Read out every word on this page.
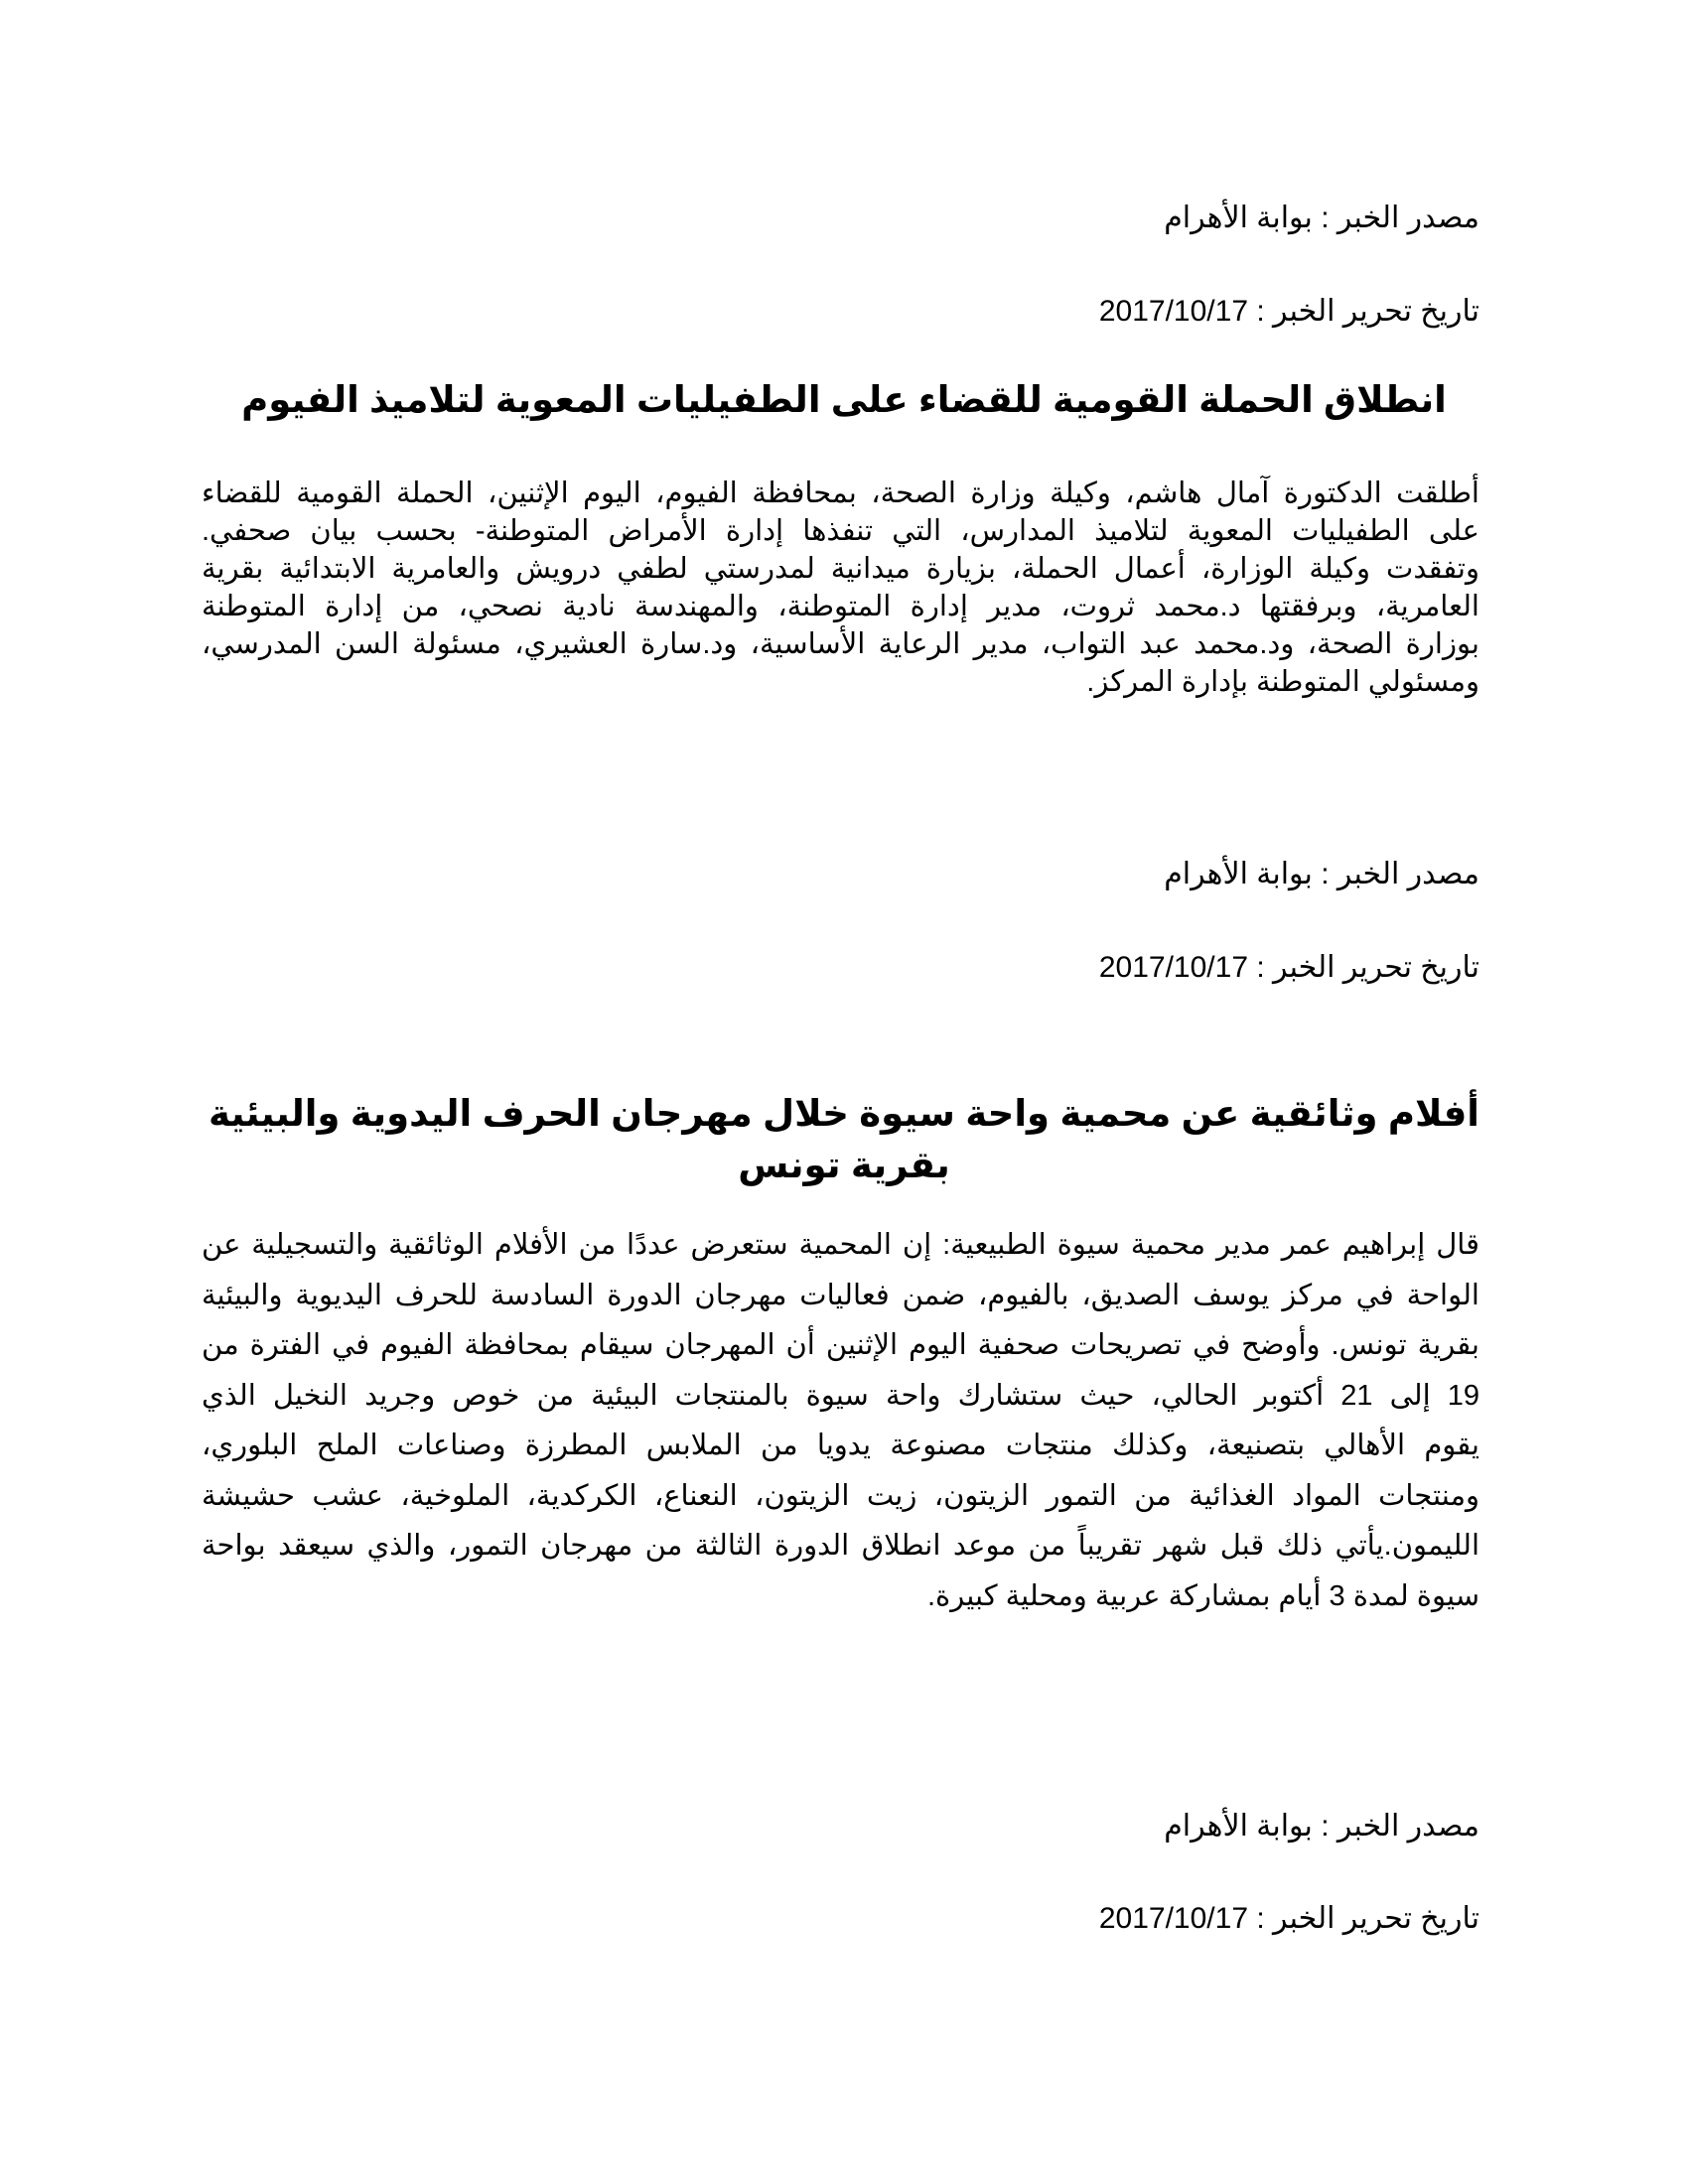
مصدر الخبر : بوابة الأهرام
تاريخ تحرير الخبر : 2017/10/17
انطلاق الحملة القومية للقضاء على الطفيليات المعوية لتلاميذ الفيوم
أطلقت الدكتورة آمال هاشم، وكيلة وزارة الصحة، بمحافظة الفيوم، اليوم الإثنين، الحملة القومية للقضاء
على الطفيليات المعوية لتلاميذ المدارس، التي تنفذها إدارة الأمراض المتوطنة- بحسب بيان صحفي.
وتفقدت وكيلة الوزارة، أعمال الحملة، بزيارة ميدانية لمدرستي لطفي درويش والعامرية الابتدائية بقرية
العامرية، وبرفقتها د.محمد ثروت، مدير إدارة المتوطنة، والمهندسة نادية نصحي، من إدارة المتوطنة
بوزارة الصحة، ود.محمد عبد التواب، مدير الرعاية الأساسية، ود.سارة العشيري، مسئولة السن المدرسي،
ومسئولي المتوطنة بإدارة المركز.
مصدر الخبر : بوابة الأهرام
تاريخ تحرير الخبر : 2017/10/17
أفلام وثائقية عن محمية واحة سيوة خلال مهرجان الحرف اليدوية والبيئية بقرية تونس
قال إبراهيم عمر مدير محمية سيوة الطبيعية: إن المحمية ستعرض عددًا من الأفلام الوثائقية والتسجيلية عن
الواحة في مركز يوسف الصديق، بالفيوم، ضمن فعاليات مهرجان الدورة السادسة للحرف اليديوية والبيئية
بقرية تونس. وأوضح في تصريحات صحفية اليوم الإثنين أن المهرجان سيقام بمحافظة الفيوم في الفترة من
19 إلى 21 أكتوبر الحالي، حيث ستشارك واحة سيوة بالمنتجات البيئية من خوص وجريد النخيل الذي
يقوم الأهالي بتصنيعة، وكذلك منتجات مصنوعة يدويا من الملابس المطرزة وصناعات الملح البلوري،
ومنتجات المواد الغذائية من التمور الزيتون، زيت الزيتون، النعناع، الكركدية، الملوخية، عشب حشيشة
الليمون.يأتي ذلك قبل شهر تقريباً من موعد انطلاق الدورة الثالثة من مهرجان التمور، والذي سيعقد بواحة
سيوة لمدة 3 أيام بمشاركة عربية ومحلية كبيرة.
مصدر الخبر : بوابة الأهرام
تاريخ تحرير الخبر : 2017/10/17
